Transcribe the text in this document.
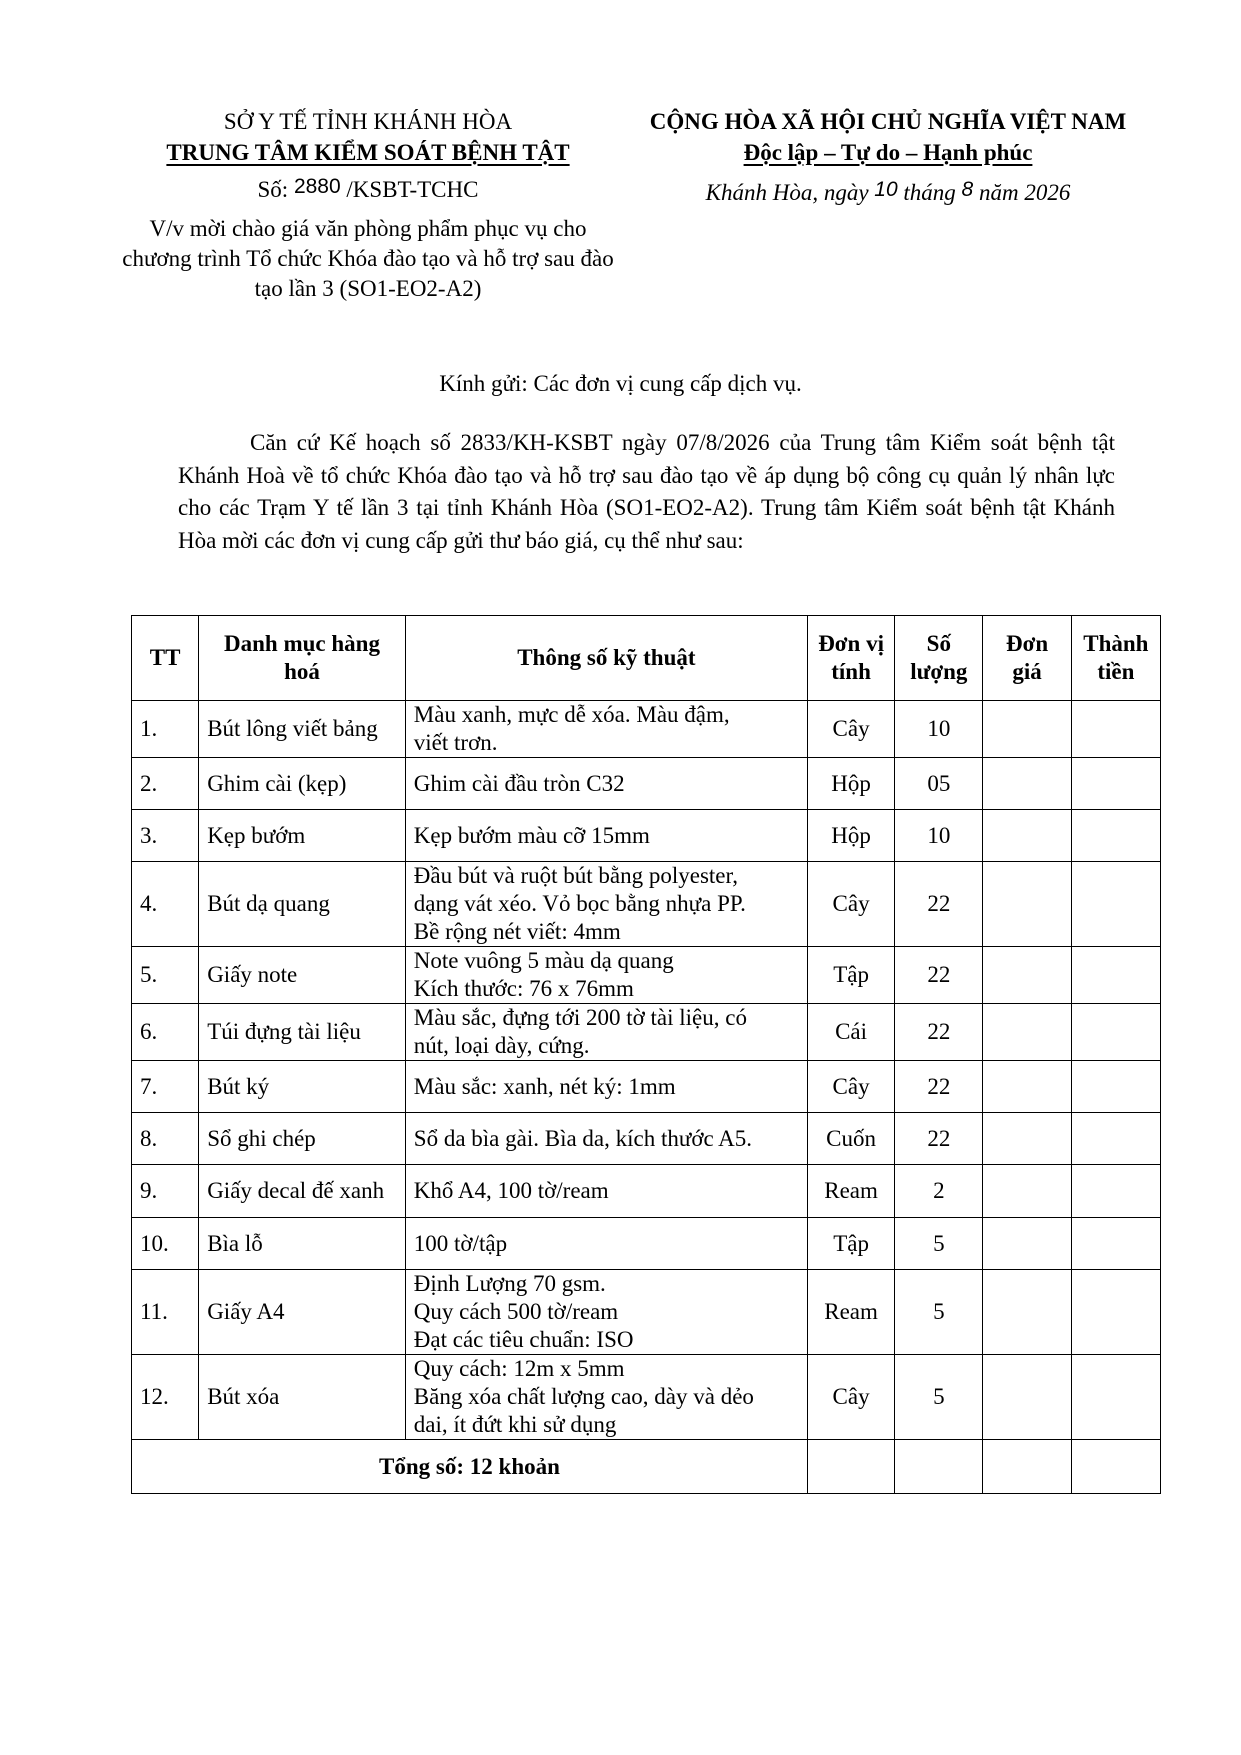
SỞ Y TẾ TỈNH KHÁNH HÒA
TRUNG TÂM KIỂM SOÁT BỆNH TẬT
Số: 2880 /KSBT-TCHC
V/v mời chào giá văn phòng phẩm phục vụ cho chương trình Tổ chức Khóa đào tạo và hỗ trợ sau đào tạo lần 3 (SO1-EO2-A2)
CỘNG HÒA XÃ HỘI CHỦ NGHĨA VIỆT NAM
Độc lập – Tự do – Hạnh phúc
Khánh Hòa, ngày 10 tháng 8 năm 2026
Kính gửi: Các đơn vị cung cấp dịch vụ.
Căn cứ Kế hoạch số 2833/KH-KSBT ngày 07/8/2026 của Trung tâm Kiểm soát bệnh tật Khánh Hoà về tổ chức Khóa đào tạo và hỗ trợ sau đào tạo về áp dụng bộ công cụ quản lý nhân lực cho các Trạm Y tế lần 3 tại tỉnh Khánh Hòa (SO1-EO2-A2). Trung tâm Kiểm soát bệnh tật Khánh Hòa mời các đơn vị cung cấp gửi thư báo giá, cụ thể như sau:
TT	Danh mục hàng hoá	Thông số kỹ thuật	Đơn vị tính	Số lượng	Đơn giá	Thành tiền
1.	Bút lông viết bảng	Màu xanh, mực dễ xóa. Màu đậm,
viết trơn.	Cây	10		
2.	Ghim cài (kẹp)	Ghim cài đầu tròn C32	Hộp	05		
3.	Kẹp bướm	Kẹp bướm màu cỡ 15mm	Hộp	10		
4.	Bút dạ quang	Đầu bút và ruột bút bằng polyester,
dạng vát xéo. Vỏ bọc bằng nhựa PP.
Bề rộng nét viết: 4mm	Cây	22		
5.	Giấy note	Note vuông 5 màu dạ quang
Kích thước: 76 x 76mm	Tập	22		
6.	Túi đựng tài liệu	Màu sắc, đựng tới 200 tờ tài liệu, có
nút, loại dày, cứng.	Cái	22		
7.	Bút ký	Màu sắc: xanh, nét ký: 1mm	Cây	22		
8.	Sổ ghi chép	Sổ da bìa gài. Bìa da, kích thước A5.	Cuốn	22		
9.	Giấy decal đế xanh	Khổ A4, 100 tờ/ream	Ream	2		
10.	Bìa lỗ	100 tờ/tập	Tập	5		
11.	Giấy A4	Định Lượng 70 gsm.
Quy cách 500 tờ/ream
Đạt các tiêu chuẩn: ISO	Ream	5		
12.	Bút xóa	Quy cách: 12m x 5mm
Băng xóa chất lượng cao, dày và dẻo
dai, ít đứt khi sử dụng	Cây	5		
Tổng số: 12 khoản						
